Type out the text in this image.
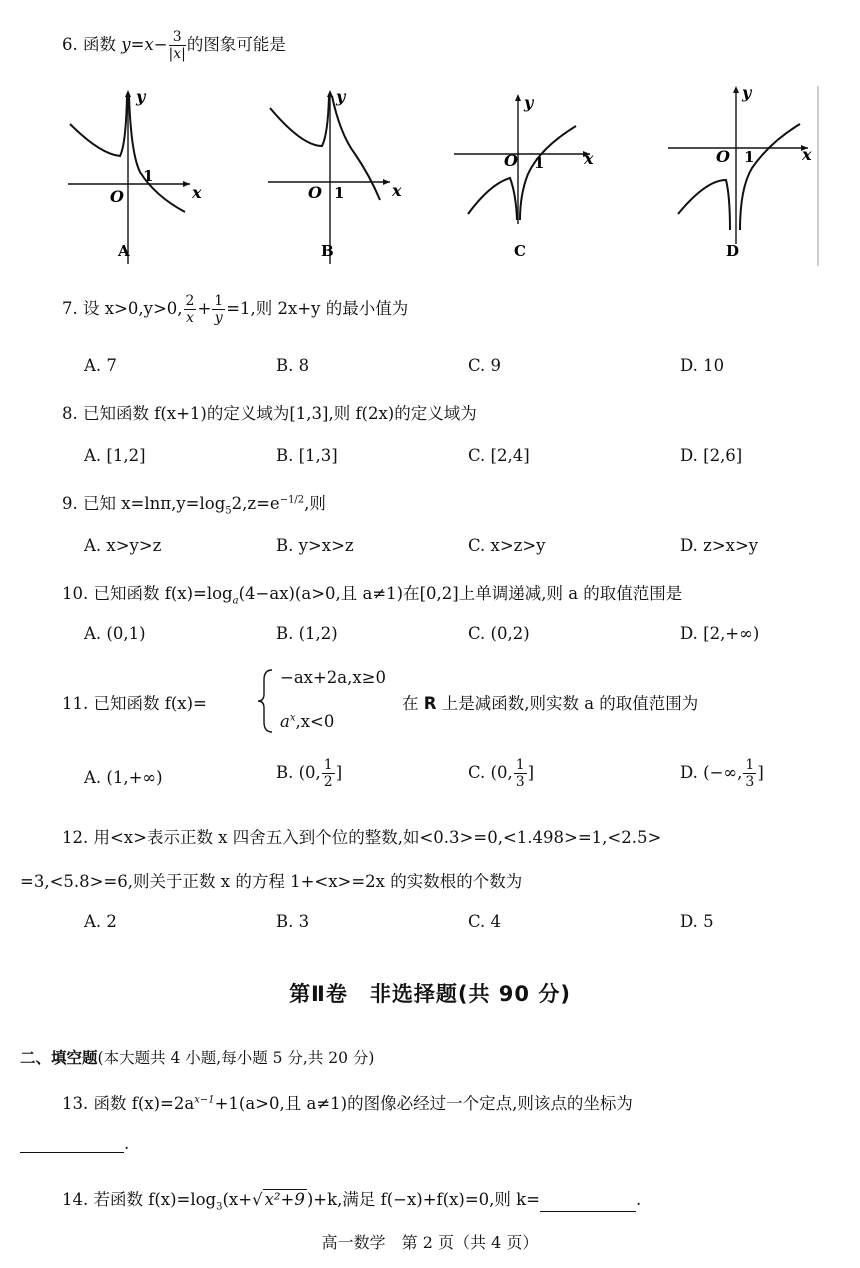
6. 函数 $y=x- \frac{3}{|x|}$ 的图象可能是
x
y
O
1
A
x
y
O 1
B
x
y
O 1
C
x
y
O 1
D
7. 设 x>0,y>0, $\frac{2}{x} + \frac{1}{y} =1$,则 2x+y 的最小值为
A. 7	B. 8	C. 9	D. 10
8. 已知函数 f(x+1)的定义域为[1,3],则 f(2x)的定义域为
A. [1,2]	B. [1,3]	C. [2,4]	D. [2,6]
9. 已知 $x=\ln\pi,y=\log_52,z=e^{-1/2}$,则
A. x>y>z	B. y>x>z	C. x>z>y	D. z>x>y
10. 已知函数 $f(x)=\log_a(4-ax)(a>0$,且 a≠1)在[0,2]上单调递减,则 a 的取值范围是
A. (0,1)	B. (1,2)	C. (0,2)	D. [2,+∞)
11. 已知函数 f(x)=
−ax+2a,x≥0
$a^x,x<0$
在 R 上是减函数,则实数 a 的取值范围为
A. (1,+∞)	B. (0, $\frac{1}{2}$ ]	C. (0, $\frac{1}{3}$ ]	D. (−∞, $\frac{1}{3}$ ]
12. 用<x>表示正数 x 四舍五入到个位的整数,如<0.3>=0,<1.498>=1,<2.5>
=3,<5.8>=6,则关于正数 x 的方程 1+<x>=2x 的实数根的个数为
A. 2	B. 3	C. 4	D. 5
第Ⅱ卷　非选择题(共 90 分)
二、填空题(本大题共 4 小题,每小题 5 分,共 20 分)
13. 函数 $f(x)=2a^{x-1}+1(a>0$,且 a≠1)的图像必经过一个定点,则该点的坐标为
.
14. 若函数 $f(x)=\log_3(x+√$ x²+9 )+k,满足 f(−x)+f(x)=0,则 k=	.
高一数学　第 2 页（共 4 页）
